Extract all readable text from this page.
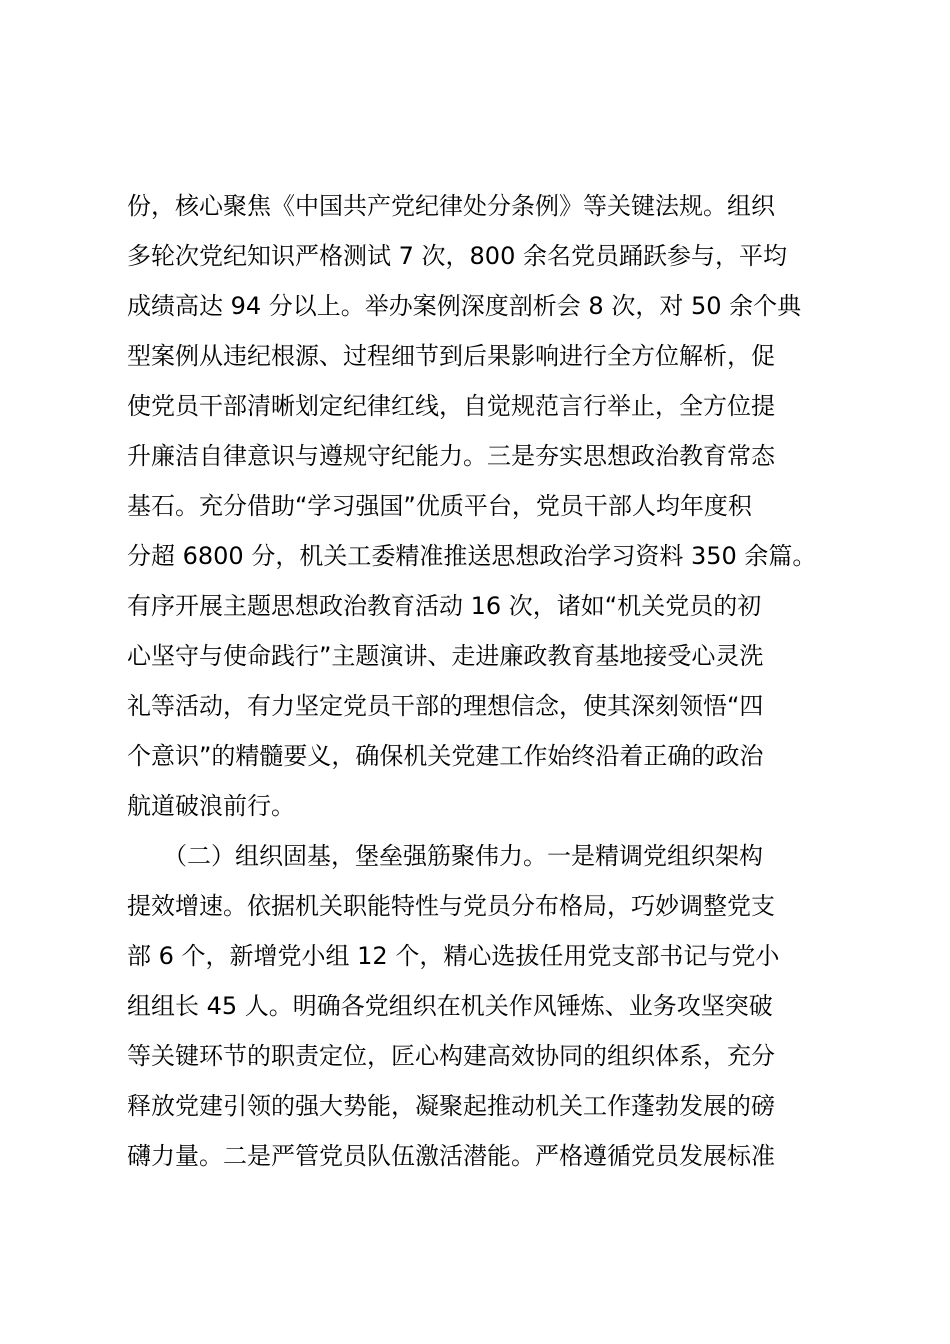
份，核心聚焦《中国共产党纪律处分条例》等关键法规。组织
多轮次党纪知识严格测试 7 次，800 余名党员踊跃参与，平均
成绩高达 94 分以上。举办案例深度剖析会 8 次，对 50 余个典
型案例从违纪根源、过程细节到后果影响进行全方位解析，促
使党员干部清晰划定纪律红线，自觉规范言行举止，全方位提
升廉洁自律意识与遵规守纪能力。三是夯实思想政治教育常态
基石。充分借助“学习强国”优质平台，党员干部人均年度积
分超 6800 分，机关工委精准推送思想政治学习资料 350 余篇。
有序开展主题思想政治教育活动 16 次，诸如“机关党员的初
心坚守与使命践行”主题演讲、走进廉政教育基地接受心灵洗
礼等活动，有力坚定党员干部的理想信念，使其深刻领悟“四
个意识”的精髓要义，确保机关党建工作始终沿着正确的政治
航道破浪前行。
　　（二）组织固基，堡垒强筋聚伟力。一是精调党组织架构
提效增速。依据机关职能特性与党员分布格局，巧妙调整党支
部 6 个，新增党小组 12 个，精心选拔任用党支部书记与党小
组组长 45 人。明确各党组织在机关作风锤炼、业务攻坚突破
等关键环节的职责定位，匠心构建高效协同的组织体系，充分
释放党建引领的强大势能，凝聚起推动机关工作蓬勃发展的磅
礴力量。二是严管党员队伍激活潜能。严格遵循党员发展标准
